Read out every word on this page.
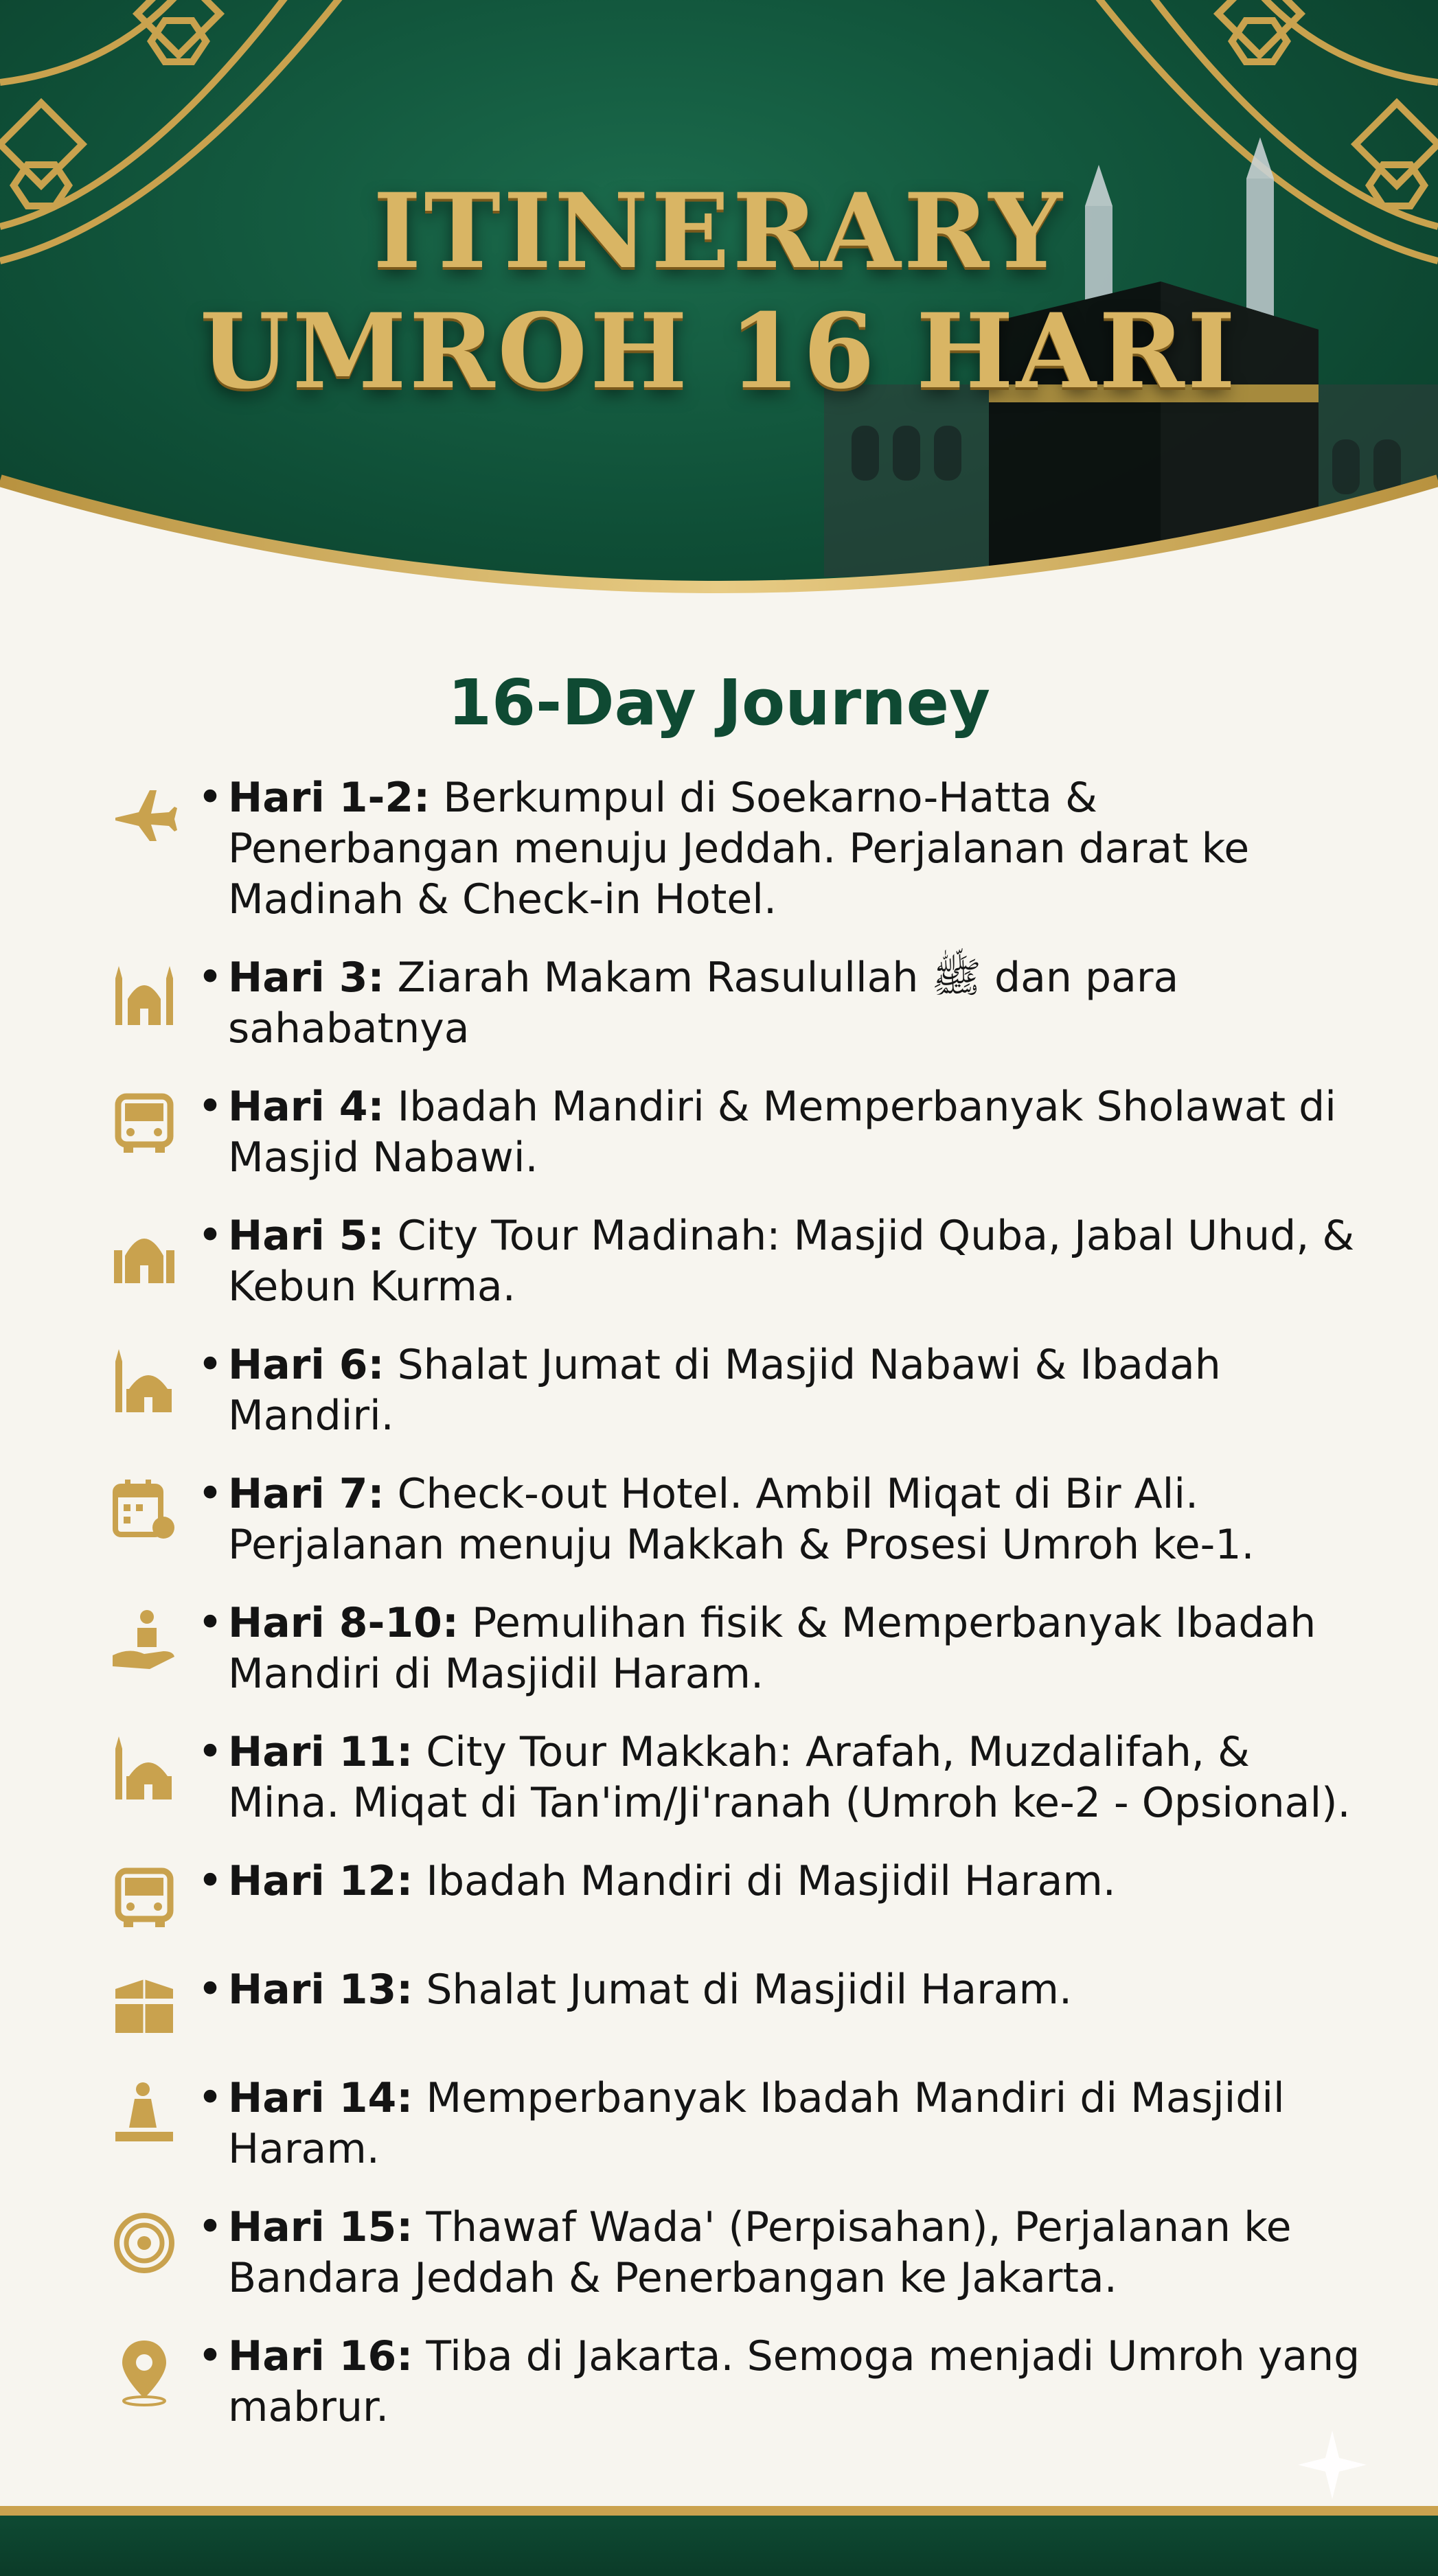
ITINERARY
UMROH 16 HARI
16-Day Journey
• Hari 1-2: Berkumpul di Soekarno-Hatta & Penerbangan menuju Jeddah. Perjalanan darat ke Madinah & Check-in Hotel.
• Hari 3: Ziarah Makam Rasulullah ﷺ dan para sahabatnya
• Hari 4: Ibadah Mandiri & Memperbanyak Sholawat di Masjid Nabawi.
• Hari 5: City Tour Madinah: Masjid Quba, Jabal Uhud, & Kebun Kurma.
• Hari 6: Shalat Jumat di Masjid Nabawi & Ibadah Mandiri.
• Hari 7: Check-out Hotel. Ambil Miqat di Bir Ali. Perjalanan menuju Makkah & Prosesi Umroh ke-1.
• Hari 8-10: Pemulihan fisik & Memperbanyak Ibadah Mandiri di Masjidil Haram.
• Hari 11: City Tour Makkah: Arafah, Muzdalifah, & Mina. Miqat di Tan'im/Ji'ranah (Umroh ke-2 - Opsional).
• Hari 12: Ibadah Mandiri di Masjidil Haram.
• Hari 13: Shalat Jumat di Masjidil Haram.
• Hari 14: Memperbanyak Ibadah Mandiri di Masjidil Haram.
• Hari 15: Thawaf Wada' (Perpisahan), Perjalanan ke Bandara Jeddah & Penerbangan ke Jakarta.
• Hari 16: Tiba di Jakarta. Semoga menjadi Umroh yang mabrur.
